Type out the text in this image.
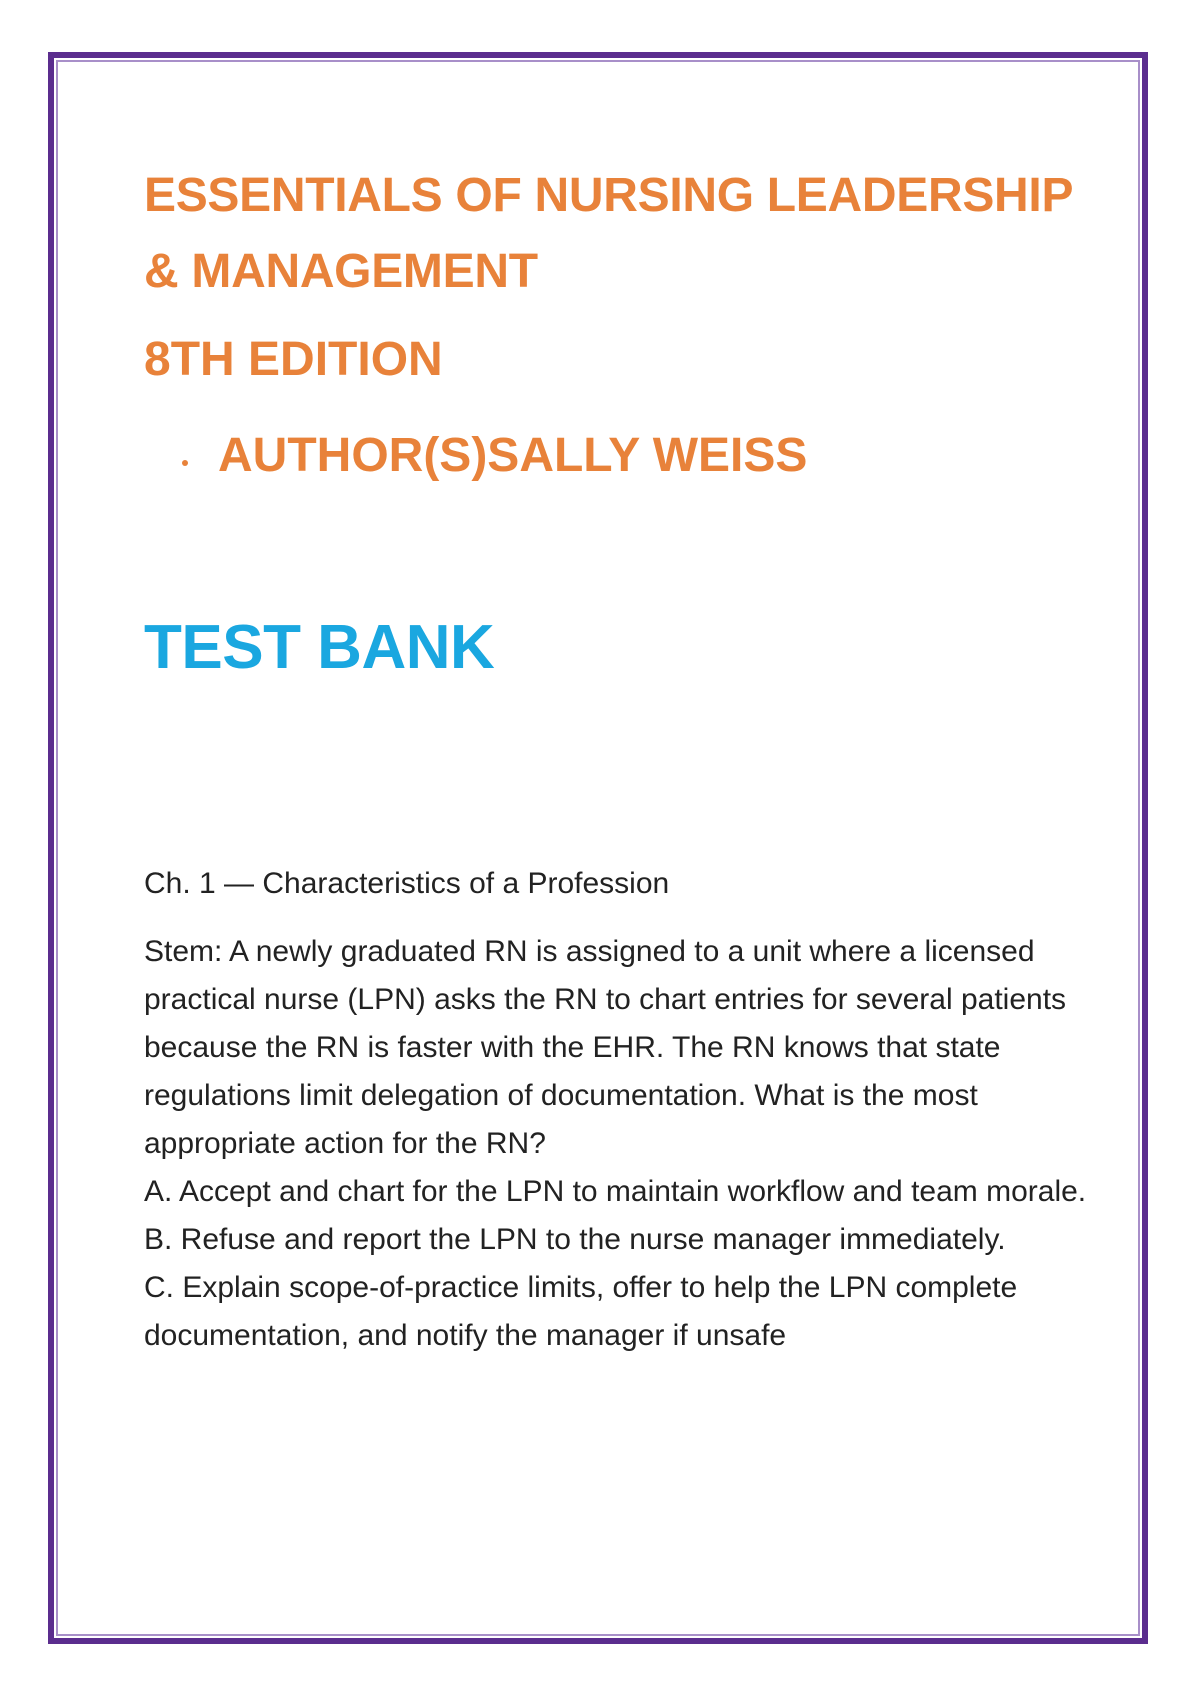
ESSENTIALS OF NURSING LEADERSHIP & MANAGEMENT
8TH EDITION
AUTHOR(S)SALLY WEISS
TEST BANK
Ch. 1 — Characteristics of a Profession

Stem: A newly graduated RN is assigned to a unit where a licensed practical nurse (LPN) asks the RN to chart entries for several patients because the RN is faster with the EHR. The RN knows that state regulations limit delegation of documentation. What is the most appropriate action for the RN?

A. Accept and chart for the LPN to maintain workflow and team morale.

B. Refuse and report the LPN to the nurse manager immediately.

C. Explain scope-of-practice limits, offer to help the LPN complete documentation, and notify the manager if unsafe
